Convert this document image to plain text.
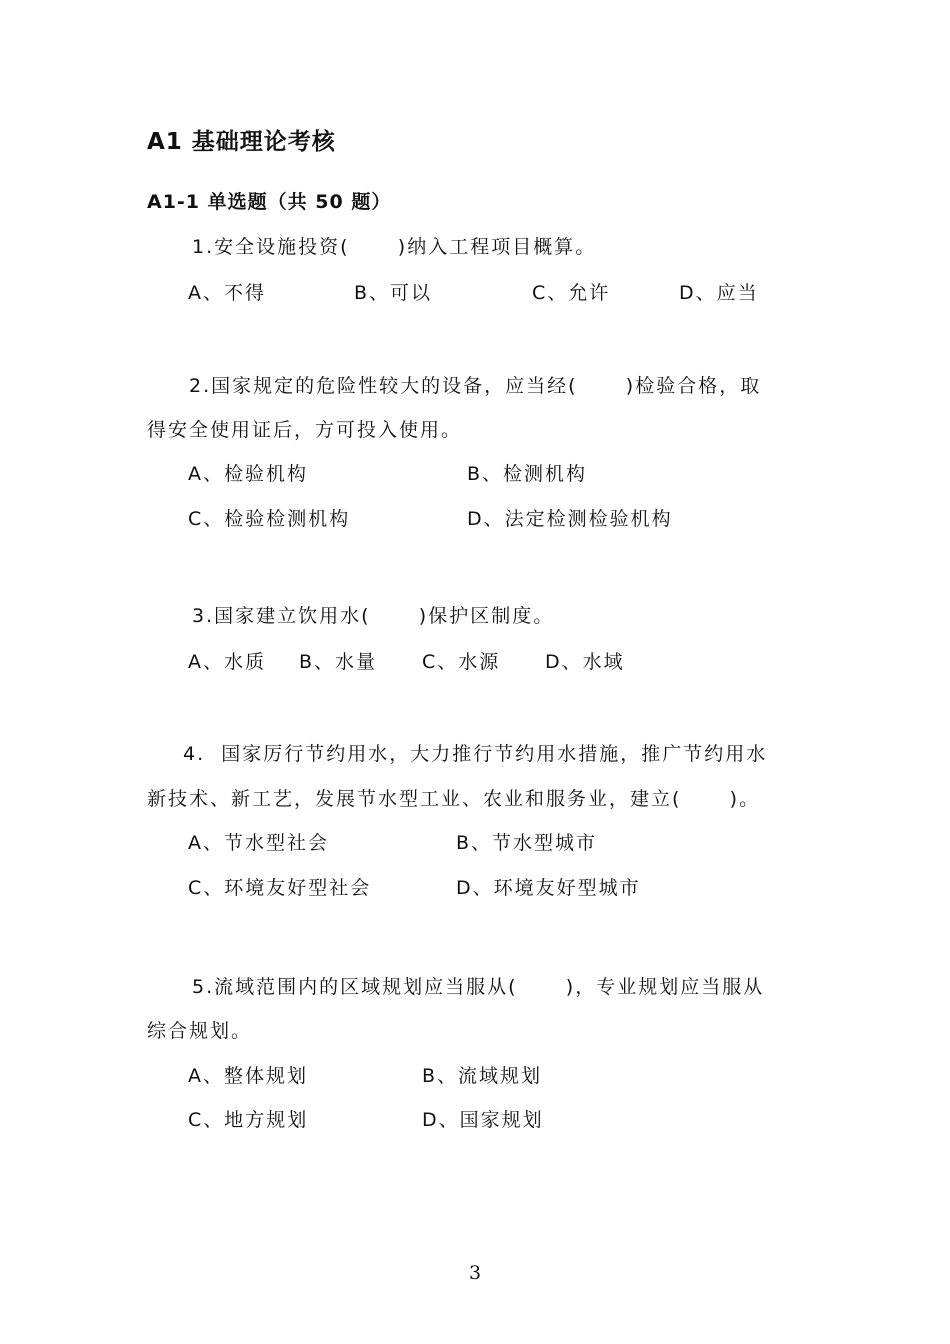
A1 基础理论考核
A1-1 单选题（共 50 题）
1.安全设施投资(      )纳入工程项目概算。
A、不得	B、可以	C、允许	D、应当
2.国家规定的危险性较大的设备，应当经(      )检验合格，取
得安全使用证后，方可投入使用。
A、检验机构	B、检测机构
C、检验检测机构	D、法定检测检验机构
3.国家建立饮用水(      )保护区制度。
A、水质 B、水量 C、水源 D、水域
4.  国家厉行节约用水，大力推行节约用水措施，推广节约用水
新技术、新工艺，发展节水型工业、农业和服务业，建立(      )。
A、节水型社会	B、节水型城市
C、环境友好型社会	D、环境友好型城市
5.流域范围内的区域规划应当服从(      )，专业规划应当服从
综合规划。
A、整体规划	B、流域规划
C、地方规划	D、国家规划
3
